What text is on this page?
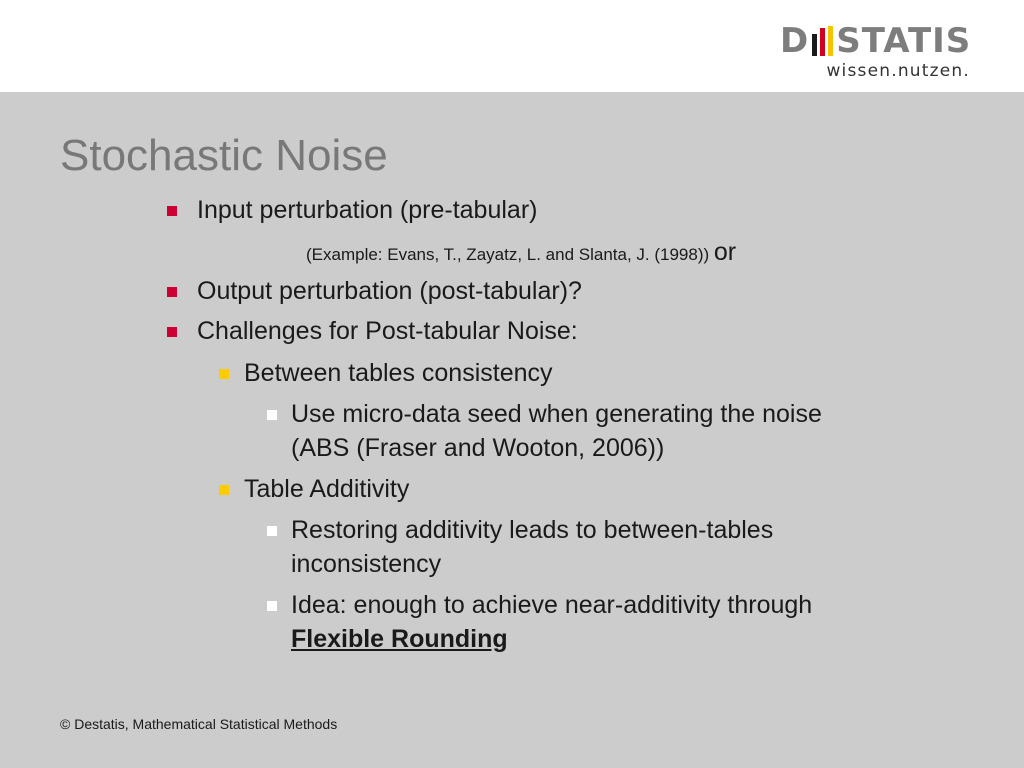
D STATIS
wissen.nutzen.
Stochastic Noise
Input perturbation (pre-tabular)
(Example: Evans, T., Zayatz, L. and Slanta, J. (1998)) or
Output perturbation (post-tabular)?
Challenges for Post-tabular Noise:
Between tables consistency
Use micro-data seed when generating the noise
(ABS (Fraser and Wooton, 2006))
Table Additivity
Restoring additivity leads to between-tables
inconsistency
Idea: enough to achieve near-additivity through
Flexible Rounding
© Destatis, Mathematical Statistical Methods
